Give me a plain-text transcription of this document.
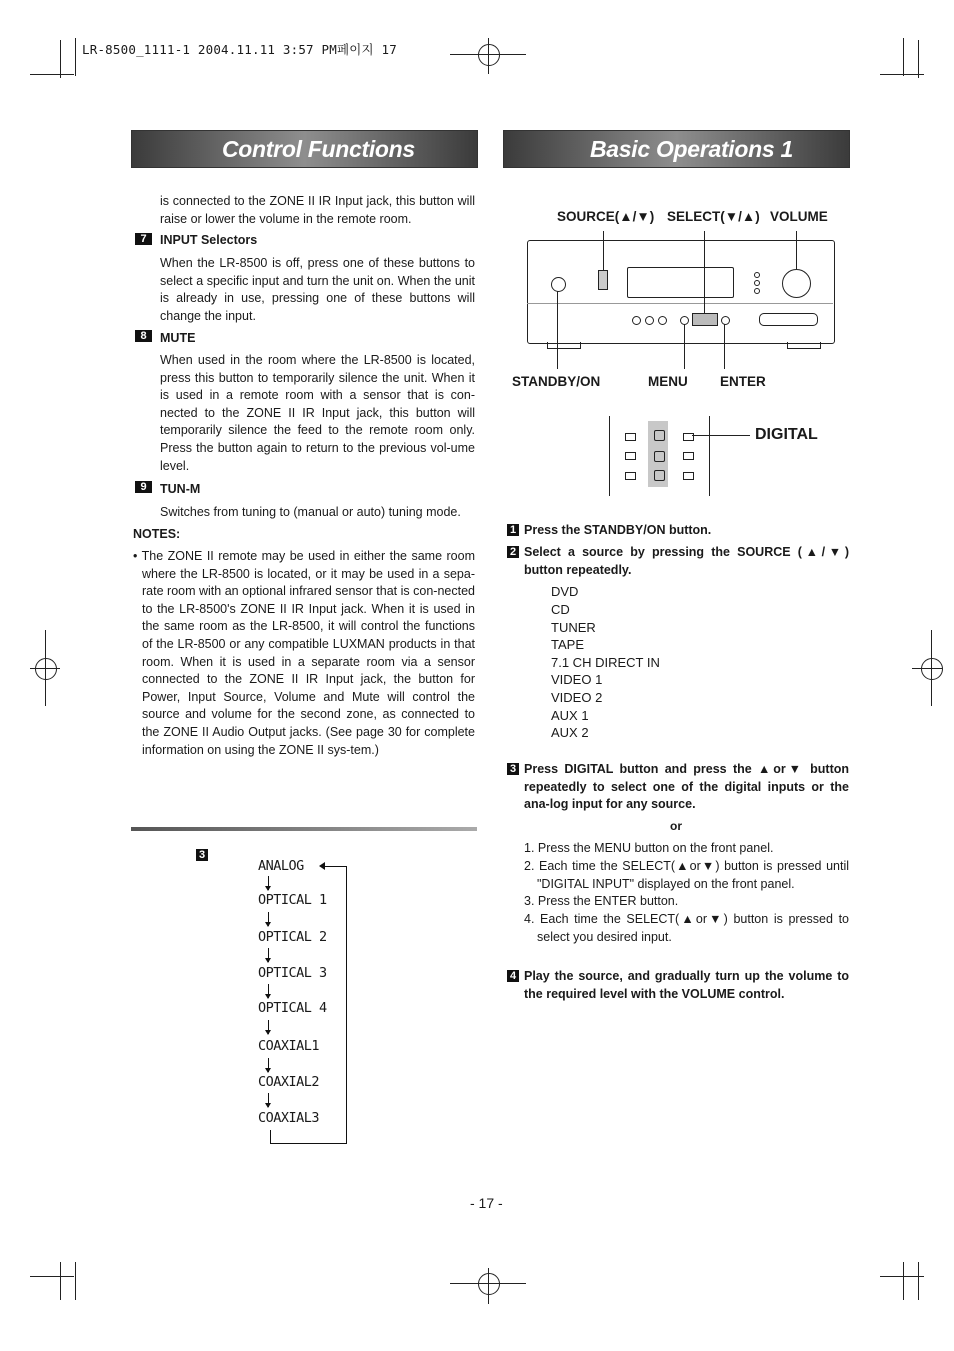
LR-8500_1111-1 2004.11.11 3:57 PM페이지 17
Control Functions
is connected to the ZONE II IR Input jack, this button will raise or lower the volume in the remote room.
7	INPUT Selectors
When the LR-8500 is off, press one of these buttons to select a specific input and turn the unit on. When the unit is already in use, pressing one of these buttons will change the input.
8	MUTE
When used in the room where the LR-8500 is located, press this button to temporarily silence the unit. When it is used in a remote room with a sensor that is con-nected to the ZONE II IR Input jack, this button will temporarily silence the feed to the remote room only. Press the button again to return to the previous vol-ume level.
9	TUN-M
Switches from tuning to (manual or auto) tuning mode.
NOTES:
• The ZONE II remote may be used in either the same room where the LR-8500 is located, or it may be used in a sepa-rate room with an optional infrared sensor that is con-nected to the LR-8500's ZONE II IR Input jack. When it is used in the same room as the LR-8500, it will control the functions of the LR-8500 or any compatible LUXMAN products in that room. When it is used in a separate room via a sensor connected to the ZONE II IR Input jack, the button for Power, Input Source, Volume and Mute will control the source and volume for the second zone, as connected to the ZONE II Audio Output jacks. (See page 30 for complete information on using the ZONE II sys-tem.)
3
ANALOG
OPTICAL 1
OPTICAL 2
OPTICAL 3
OPTICAL 4
COAXIAL1
COAXIAL2
COAXIAL3
Basic Operations 1
SOURCE(▲/▼) SELECT(▼/▲) VOLUME
STANDBY/ON	MENU ENTER
DIGITAL
1 Press the STANDBY/ON button.
2 Select a source by pressing the SOURCE (▲/▼) button repeatedly.
DVD
CD
TUNER
TAPE
7.1 CH DIRECT IN
VIDEO 1
VIDEO 2
AUX 1
AUX 2
3 Press DIGITAL button and press the ▲or▼ button repeatedly to select one of the digital inputs or the ana-log input for any source.
or
1. Press the MENU button on the front panel.
2. Each time the SELECT(▲or▼) button is pressed until "DIGITAL INPUT" displayed on the front panel.
3. Press the ENTER button.
4. Each time the SELECT(▲or▼) button is pressed to select you desired input.
4 Play the source, and gradually turn up the volume to the required level with the VOLUME control.
- 17 -
